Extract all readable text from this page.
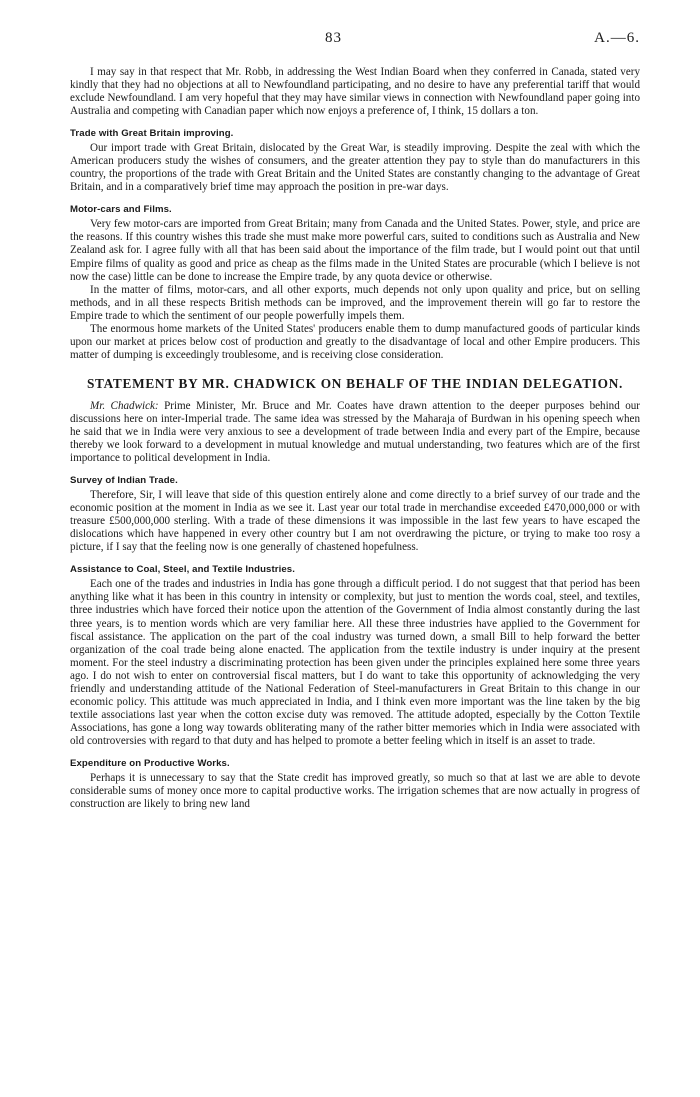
83	A.—6.

I may say in that respect that Mr. Robb, in addressing the West Indian Board when they conferred in Canada, stated very kindly that they had no objections at all to Newfoundland participating, and no desire to have any preferential tariff that would exclude Newfoundland. I am very hopeful that they may have similar views in connection with Newfoundland paper going into Australia and competing with Canadian paper which now enjoys a preference of, I think, 15 dollars a ton.

Trade with Great Britain improving.

Our import trade with Great Britain, dislocated by the Great War, is steadily improving. Despite the zeal with which the American producers study the wishes of consumers, and the greater attention they pay to style than do manufacturers in this country, the proportions of the trade with Great Britain and the United States are constantly changing to the advantage of Great Britain, and in a comparatively brief time may approach the position in pre-war days.

Motor-cars and Films.

Very few motor-cars are imported from Great Britain; many from Canada and the United States. Power, style, and price are the reasons. If this country wishes this trade she must make more powerful cars, suited to conditions such as Australia and New Zealand ask for. I agree fully with all that has been said about the importance of the film trade, but I would point out that until Empire films of quality as good and price as cheap as the films made in the United States are procurable (which I believe is not now the case) little can be done to increase the Empire trade, by any quota device or otherwise.

In the matter of films, motor-cars, and all other exports, much depends not only upon quality and price, but on selling methods, and in all these respects British methods can be improved, and the improvement therein will go far to restore the Empire trade to which the sentiment of our people powerfully impels them.

The enormous home markets of the United States' producers enable them to dump manufactured goods of particular kinds upon our market at prices below cost of production and greatly to the disadvantage of local and other Empire producers. This matter of dumping is exceedingly troublesome, and is receiving close consideration.

STATEMENT BY MR. CHADWICK ON BEHALF OF THE INDIAN DELEGATION.

Mr. Chadwick: Prime Minister, Mr. Bruce and Mr. Coates have drawn attention to the deeper purposes behind our discussions here on inter-Imperial trade. The same idea was stressed by the Maharaja of Burdwan in his opening speech when he said that we in India were very anxious to see a development of trade between India and every part of the Empire, because thereby we look forward to a development in mutual knowledge and mutual understanding, two features which are of the first importance to political development in India.

Survey of Indian Trade.

Therefore, Sir, I will leave that side of this question entirely alone and come directly to a brief survey of our trade and the economic position at the moment in India as we see it. Last year our total trade in merchandise exceeded £470,000,000 or with treasure £500,000,000 sterling. With a trade of these dimensions it was impossible in the last few years to have escaped the dislocations which have happened in every other country but I am not overdrawing the picture, or trying to make too rosy a picture, if I say that the feeling now is one generally of chastened hopefulness.

Assistance to Coal, Steel, and Textile Industries.

Each one of the trades and industries in India has gone through a difficult period. I do not suggest that that period has been anything like what it has been in this country in intensity or complexity, but just to mention the words coal, steel, and textiles, three industries which have forced their notice upon the attention of the Government of India almost constantly during the last three years, is to mention words which are very familiar here. All these three industries have applied to the Government for fiscal assistance. The application on the part of the coal industry was turned down, a small Bill to help forward the better organization of the coal trade being alone enacted. The application from the textile industry is under inquiry at the present moment. For the steel industry a discriminating protection has been given under the principles explained here some three years ago. I do not wish to enter on controversial fiscal matters, but I do want to take this opportunity of acknowledging the very friendly and understanding attitude of the National Federation of Steel-manufacturers in Great Britain to this change in our economic policy. This attitude was much appreciated in India, and I think even more important was the line taken by the big textile associations last year when the cotton excise duty was removed. The attitude adopted, especially by the Cotton Textile Associations, has gone a long way towards obliterating many of the rather bitter memories which in India were associated with old controversies with regard to that duty and has helped to promote a better feeling which in itself is an asset to trade.

Expenditure on Productive Works.

Perhaps it is unnecessary to say that the State credit has improved greatly, so much so that at last we are able to devote considerable sums of money once more to capital productive works. The irrigation schemes that are now actually in progress of construction are likely to bring new land
